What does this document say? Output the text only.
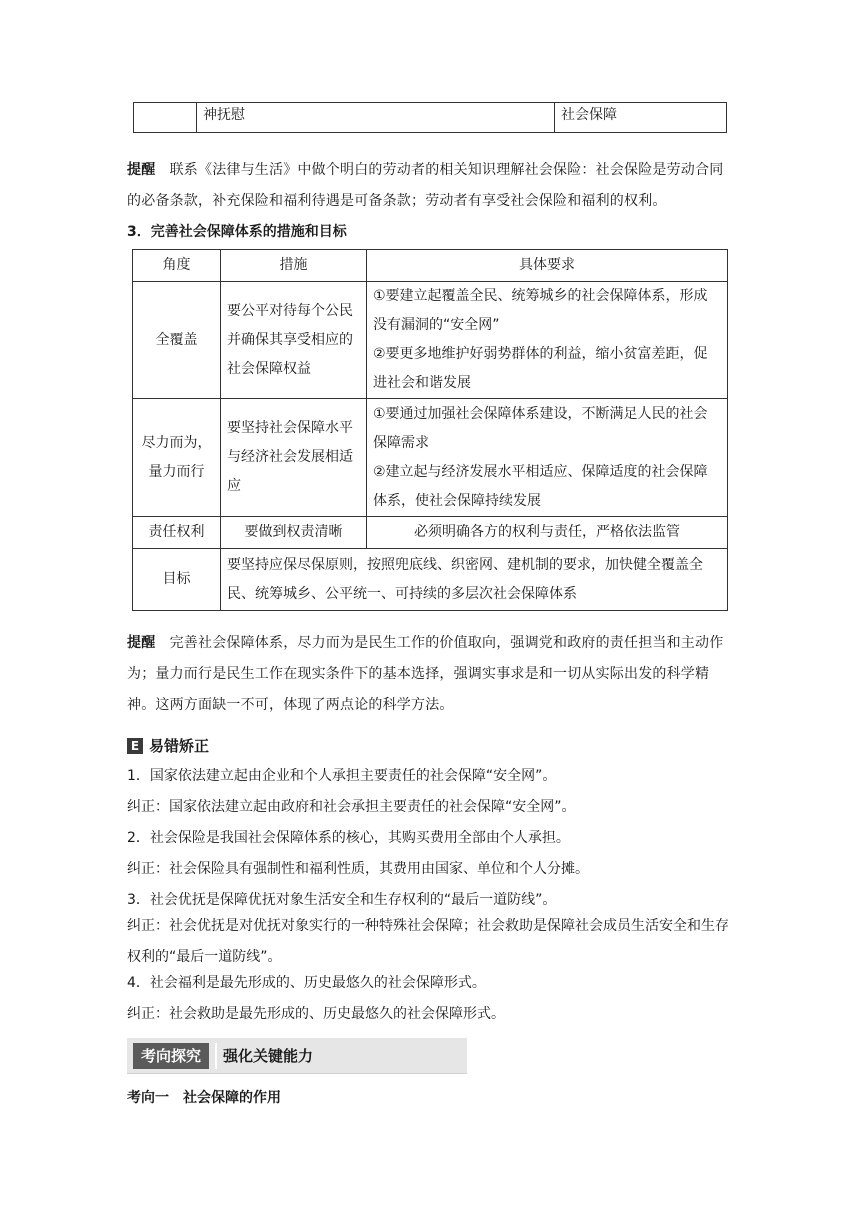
	神抚慰	社会保障
提醒　联系《法律与生活》中做个明白的劳动者的相关知识理解社会保险：社会保险是劳动合同的必备条款，补充保险和福利待遇是可备条款；劳动者有享受社会保险和福利的权利。
3．完善社会保障体系的措施和目标
角度	措施	具体要求
全覆盖	要公平对待每个公民并确保其享受相应的社会保障权益	①要建立起覆盖全民、统筹城乡的社会保障体系，形成没有漏洞的“安全网”
②要更多地维护好弱势群体的利益，缩小贫富差距，促进社会和谐发展

尽力而为，量力而行	要坚持社会保障水平与经济社会发展相适应	①要通过加强社会保障体系建设，不断满足人民的社会保障需求
②建立起与经济发展水平相适应、保障适度的社会保障体系，使社会保障持续发展

责任权利	要做到权责清晰	必须明确各方的权利与责任，严格依法监管
目标	要坚持应保尽保原则，按照兜底线、织密网、建机制的要求，加快健全覆盖全民、统筹城乡、公平统一、可持续的多层次社会保障体系	
提醒　完善社会保障体系，尽力而为是民生工作的价值取向，强调党和政府的责任担当和主动作为；量力而行是民生工作在现实条件下的基本选择，强调实事求是和一切从实际出发的科学精神。这两方面缺一不可，体现了两点论的科学方法。
E 易错矫正
1．国家依法建立起由企业和个人承担主要责任的社会保障“安全网”。
纠正：国家依法建立起由政府和社会承担主要责任的社会保障“安全网”。
2．社会保险是我国社会保障体系的核心，其购买费用全部由个人承担。
纠正：社会保险具有强制性和福利性质，其费用由国家、单位和个人分摊。
3．社会优抚是保障优抚对象生活安全和生存权利的“最后一道防线”。
纠正：社会优抚是对优抚对象实行的一种特殊社会保障；社会救助是保障社会成员生活安全和生存权利的“最后一道防线”。
4．社会福利是最先形成的、历史最悠久的社会保障形式。
纠正：社会救助是最先形成的、历史最悠久的社会保障形式。
考向探究	强化关键能力
考向一　社会保障的作用
